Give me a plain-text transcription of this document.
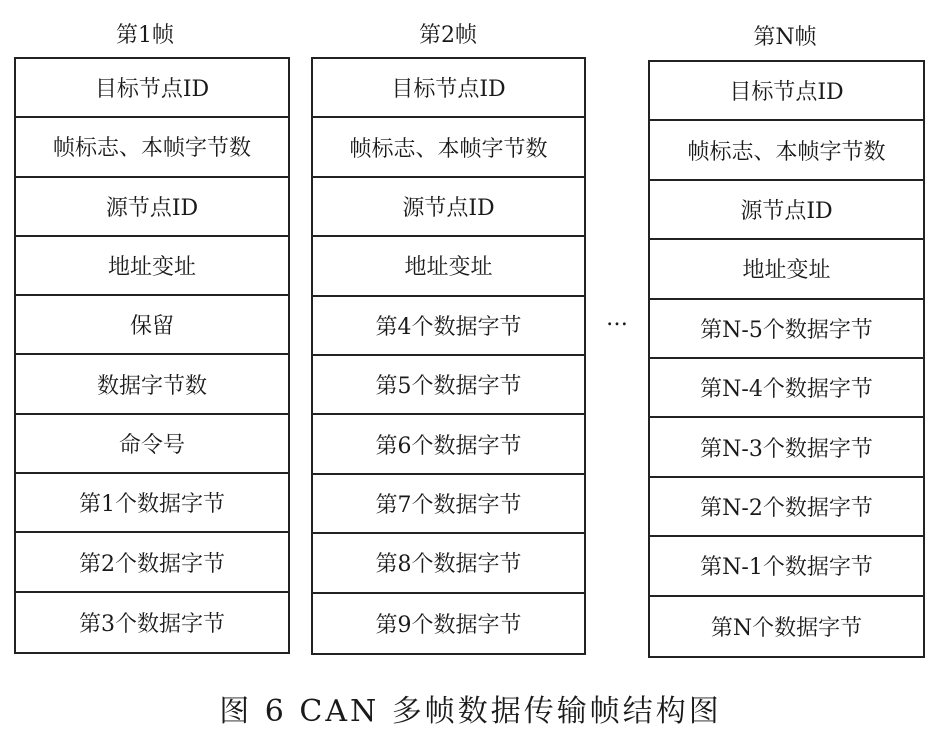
第1帧	第2帧	第N帧
目标节点ID
帧标志、本帧字节数
源节点ID
地址变址
保留
数据字节数
命令号
第1个数据字节
第2个数据字节
第3个数据字节
目标节点ID
帧标志、本帧字节数
源节点ID
地址变址
第4个数据字节
第5个数据字节
第6个数据字节
第7个数据字节
第8个数据字节
第9个数据字节
…
目标节点ID
帧标志、本帧字节数
源节点ID
地址变址
第N-5个数据字节
第N-4个数据字节
第N-3个数据字节
第N-2个数据字节
第N-1个数据字节
第N个数据字节
图 6 CAN 多帧数据传输帧结构图
